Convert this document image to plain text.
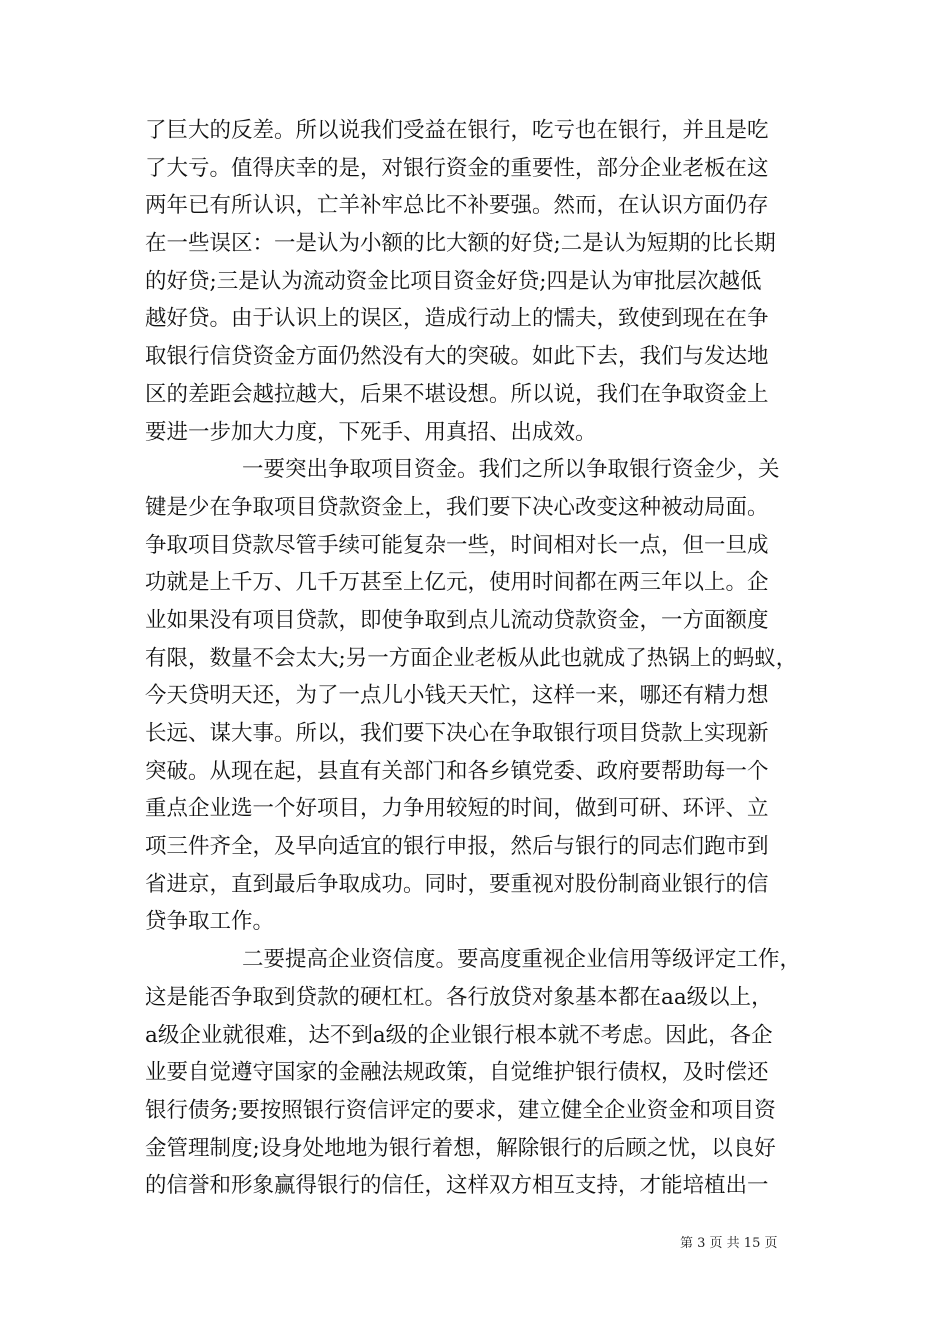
了巨大的反差。所以说我们受益在银行，吃亏也在银行，并且是吃
了大亏。值得庆幸的是，对银行资金的重要性，部分企业老板在这
两年已有所认识，亡羊补牢总比不补要强。然而，在认识方面仍存
在一些误区：一是认为小额的比大额的好贷;二是认为短期的比长期
的好贷;三是认为流动资金比项目资金好贷;四是认为审批层次越低
越好贷。由于认识上的误区，造成行动上的懦夫，致使到现在在争
取银行信贷资金方面仍然没有大的突破。如此下去，我们与发达地
区的差距会越拉越大，后果不堪设想。所以说，我们在争取资金上
要进一步加大力度，下死手、用真招、出成效。
一要突出争取项目资金。我们之所以争取银行资金少，关
键是少在争取项目贷款资金上，我们要下决心改变这种被动局面。
争取项目贷款尽管手续可能复杂一些，时间相对长一点，但一旦成
功就是上千万、几千万甚至上亿元，使用时间都在两三年以上。企
业如果没有项目贷款，即使争取到点儿流动贷款资金，一方面额度
有限，数量不会太大;另一方面企业老板从此也就成了热锅上的蚂蚁，
今天贷明天还，为了一点儿小钱天天忙，这样一来，哪还有精力想
长远、谋大事。所以，我们要下决心在争取银行项目贷款上实现新
突破。从现在起，县直有关部门和各乡镇党委、政府要帮助每一个
重点企业选一个好项目，力争用较短的时间，做到可研、环评、立
项三件齐全，及早向适宜的银行申报，然后与银行的同志们跑市到
省进京，直到最后争取成功。同时，要重视对股份制商业银行的信
贷争取工作。
二要提高企业资信度。要高度重视企业信用等级评定工作，
这是能否争取到贷款的硬杠杠。各行放贷对象基本都在aa级以上，
a级企业就很难，达不到a级的企业银行根本就不考虑。因此，各企
业要自觉遵守国家的金融法规政策，自觉维护银行债权，及时偿还
银行债务;要按照银行资信评定的要求，建立健全企业资金和项目资
金管理制度;设身处地地为银行着想，解除银行的后顾之忧，以良好
的信誉和形象赢得银行的信任，这样双方相互支持，才能培植出一
第 3 页 共 15 页
